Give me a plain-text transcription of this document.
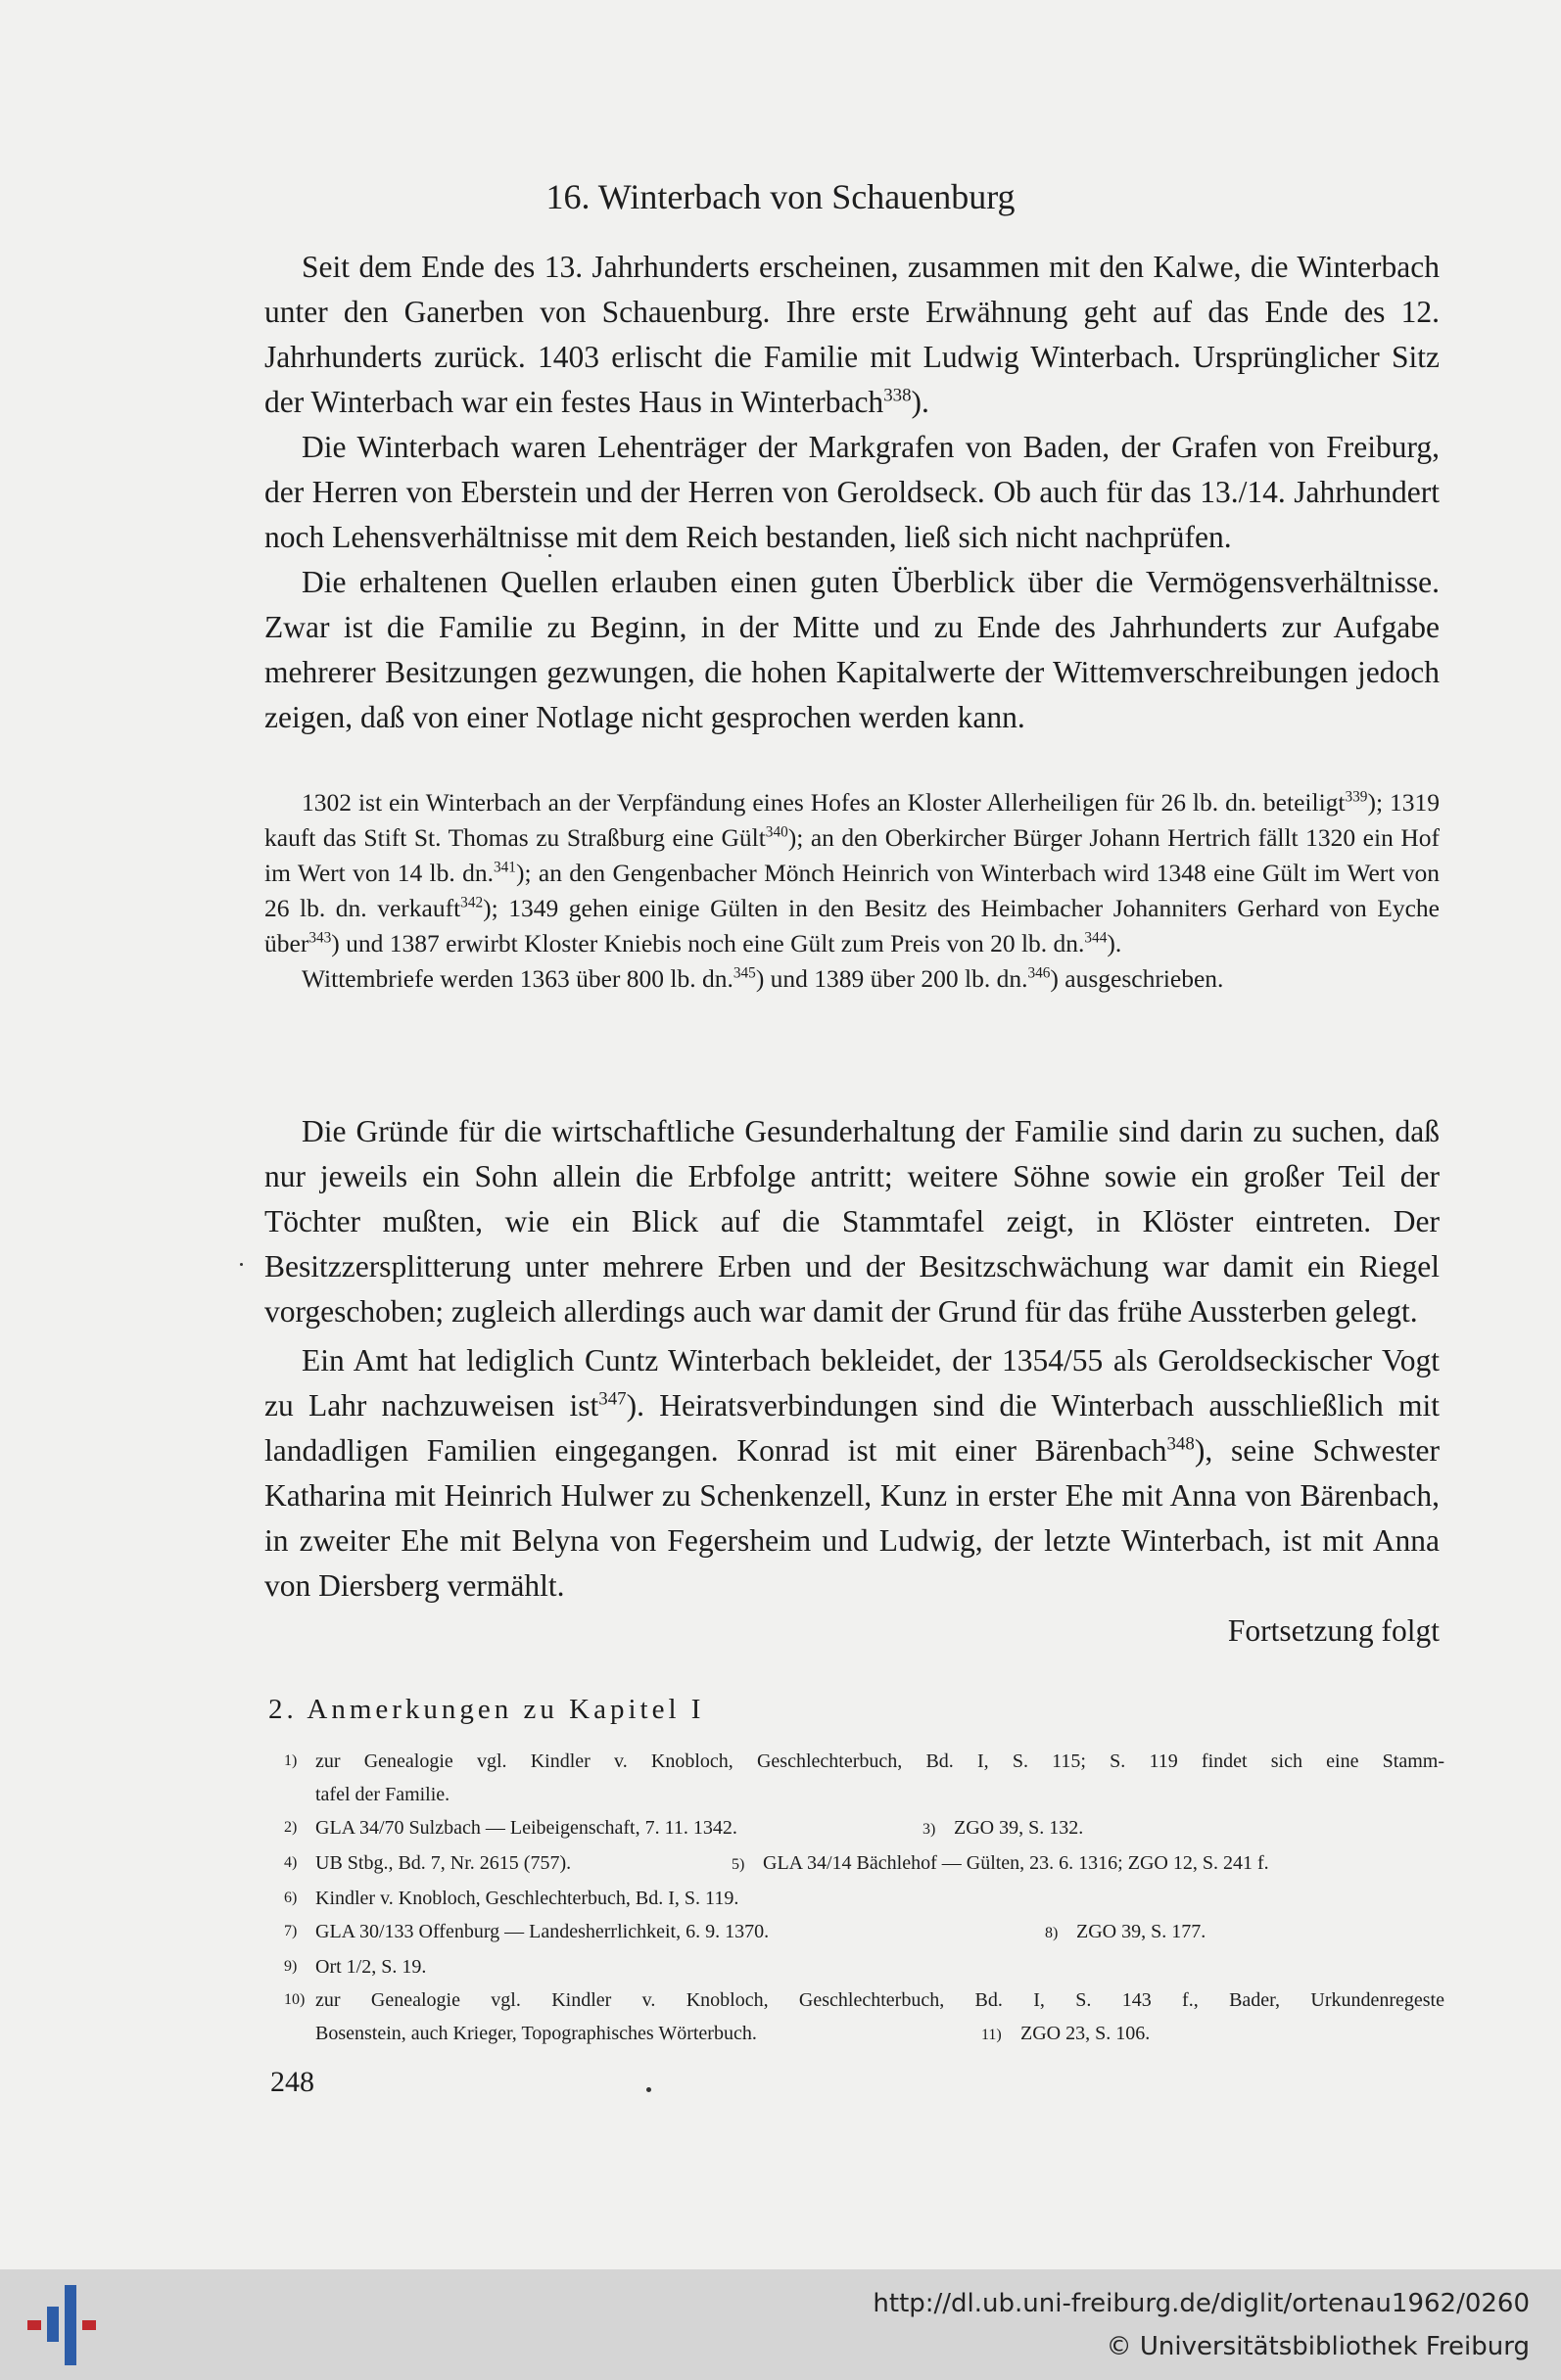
16. Winterbach von Schauenburg

Seit dem Ende des 13. Jahrhunderts erscheinen, zusammen mit den Kalwe, die Winterbach unter den Ganerben von Schauenburg. Ihre erste Erwähnung geht auf das Ende des 12. Jahrhunderts zurück. 1403 erlischt die Familie mit Ludwig Winterbach. Ursprünglicher Sitz der Winterbach war ein festes Haus in Winterbach$^{338}$).

Die Winterbach waren Lehenträger der Markgrafen von Baden, der Grafen von Freiburg, der Herren von Eberstein und der Herren von Geroldseck. Ob auch für das 13./14. Jahrhundert noch Lehensverhältnisse mit dem Reich bestanden, ließ sich nicht nachprüfen.

Die erhaltenen Quellen erlauben einen guten Überblick über die Vermögensverhältnisse. Zwar ist die Familie zu Beginn, in der Mitte und zu Ende des Jahrhunderts zur Aufgabe mehrerer Besitzungen gezwungen, die hohen Kapitalwerte der Wittemverschreibungen jedoch zeigen, daß von einer Notlage nicht gesprochen werden kann.

1302 ist ein Winterbach an der Verpfändung eines Hofes an Kloster Allerheiligen für 26 lb. dn. beteiligt$^{339}$); 1319 kauft das Stift St. Thomas zu Straßburg eine Gült$^{340}$); an den Oberkircher Bürger Johann Hertrich fällt 1320 ein Hof im Wert von 14 lb. dn.$^{341}$); an den Gengenbacher Mönch Heinrich von Winterbach wird 1348 eine Gült im Wert von 26 lb. dn. verkauft$^{342}$); 1349 gehen einige Gülten in den Besitz des Heimbacher Johanniters Gerhard von Eyche über$^{343}$) und 1387 erwirbt Kloster Kniebis noch eine Gült zum Preis von 20 lb. dn.$^{344}$).

Wittembriefe werden 1363 über 800 lb. dn.$^{345}$) und 1389 über 200 lb. dn.$^{346}$) ausgeschrieben.

Die Gründe für die wirtschaftliche Gesunderhaltung der Familie sind darin zu suchen, daß nur jeweils ein Sohn allein die Erbfolge antritt; weitere Söhne sowie ein großer Teil der Töchter mußten, wie ein Blick auf die Stammtafel zeigt, in Klöster eintreten. Der Besitzzersplitterung unter mehrere Erben und der Besitzschwächung war damit ein Riegel vorgeschoben; zugleich allerdings auch war damit der Grund für das frühe Aussterben gelegt.

Ein Amt hat lediglich Cuntz Winterbach bekleidet, der 1354/55 als Geroldseckischer Vogt zu Lahr nachzuweisen ist$^{347}$). Heiratsverbindungen sind die Winterbach ausschließlich mit landadligen Familien eingegangen. Konrad ist mit einer Bärenbach$^{348}$), seine Schwester Katharina mit Heinrich Hulwer zu Schenkenzell, Kunz in erster Ehe mit Anna von Bärenbach, in zweiter Ehe mit Belyna von Fegersheim und Ludwig, der letzte Winterbach, ist mit Anna von Diersberg vermählt.

Fortsetzung folgt
2. Anmerkungen zu Kapitel I
1) zur Genealogie vgl. Kindler v. Knobloch, Geschlechterbuch, Bd. I, S. 115; S. 119 findet sich eine Stamm-
tafel der Familie.
2) GLA 34/70 Sulzbach — Leibeigenschaft, 7. 11. 1342.	3) ZGO 39, S. 132.
4) UB Stbg., Bd. 7, Nr. 2615 (757).	5) GLA 34/14 Bächlehof — Gülten, 23. 6. 1316; ZGO 12, S. 241 f.
6) Kindler v. Knobloch, Geschlechterbuch, Bd. I, S. 119.
7) GLA 30/133 Offenburg — Landesherrlichkeit, 6. 9. 1370.	8) ZGO 39, S. 177.
9) Ort 1/2, S. 19.
10) zur Genealogie vgl. Kindler v. Knobloch, Geschlechterbuch, Bd. I, S. 143 f., Bader, Urkundenregeste
Bosenstein, auch Krieger, Topographisches Wörterbuch.	11) ZGO 23, S. 106.
248
http://dl.ub.uni-freiburg.de/diglit/ortenau1962/0260
© Universitätsbibliothek Freiburg
